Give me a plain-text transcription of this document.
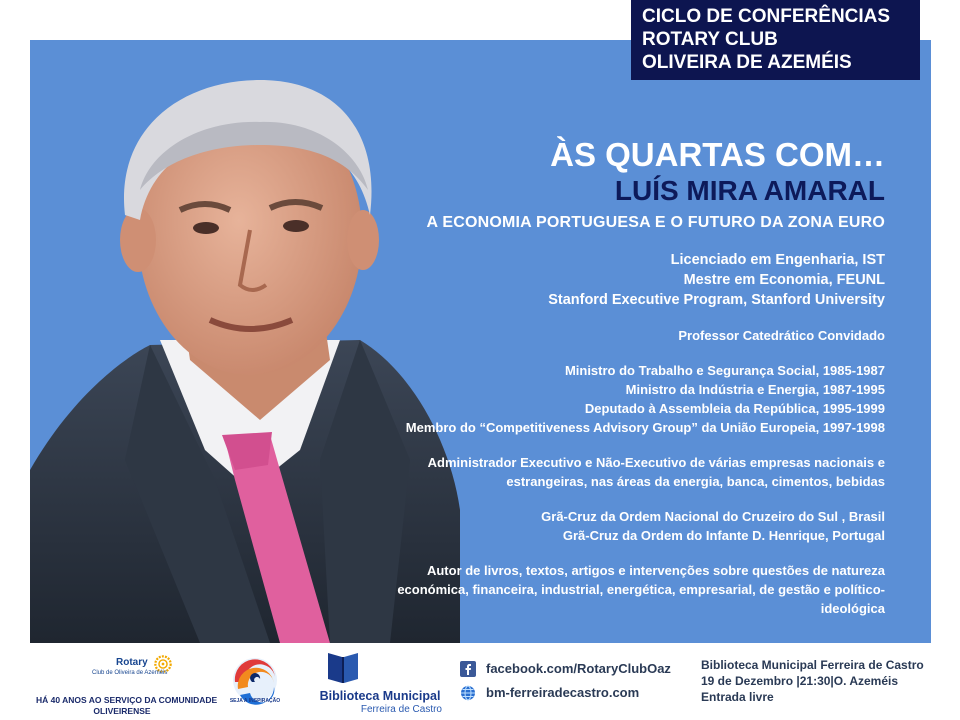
ÀS QUARTAS COM…
LUÍS MIRA AMARAL
A ECONOMIA PORTUGUESA E O FUTURO DA ZONA EURO
Licenciado em Engenharia, IST
Mestre em Economia, FEUNL
Stanford Executive Program, Stanford University
Professor Catedrático Convidado
Ministro do Trabalho e Segurança Social, 1985-1987
Ministro da Indústria e Energia, 1987-1995
Deputado à Assembleia da República, 1995-1999
Membro do “Competitiveness Advisory Group” da União Europeia, 1997-1998
Administrador Executivo e Não-Executivo de várias empresas nacionais e
estrangeiras, nas áreas da energia, banca, cimentos, bebidas
Grã-Cruz da Ordem Nacional do Cruzeiro do Sul , Brasil
Grã-Cruz da Ordem do Infante D. Henrique, Portugal
Autor de livros, textos, artigos e intervenções sobre questões de natureza
económica, financeira, industrial, energética, empresarial, de gestão e político-
ideológica
CICLO DE CONFERÊNCIAS
ROTARY CLUB
OLIVEIRA DE AZEMÉIS
Rotary
Club de Oliveira de Azeméis
HÁ 40 ANOS AO SERVIÇO DA COMUNIDADE
OLIVEIRENSE
SEJA A INSPIRAÇÃO	Biblioteca Municipal
Ferreira de Castro
facebook.com/RotaryClubOaz
bm-ferreiradecastro.com
Biblioteca Municipal Ferreira de Castro
19 de Dezembro |21:30|O. Azeméis
Entrada livre
